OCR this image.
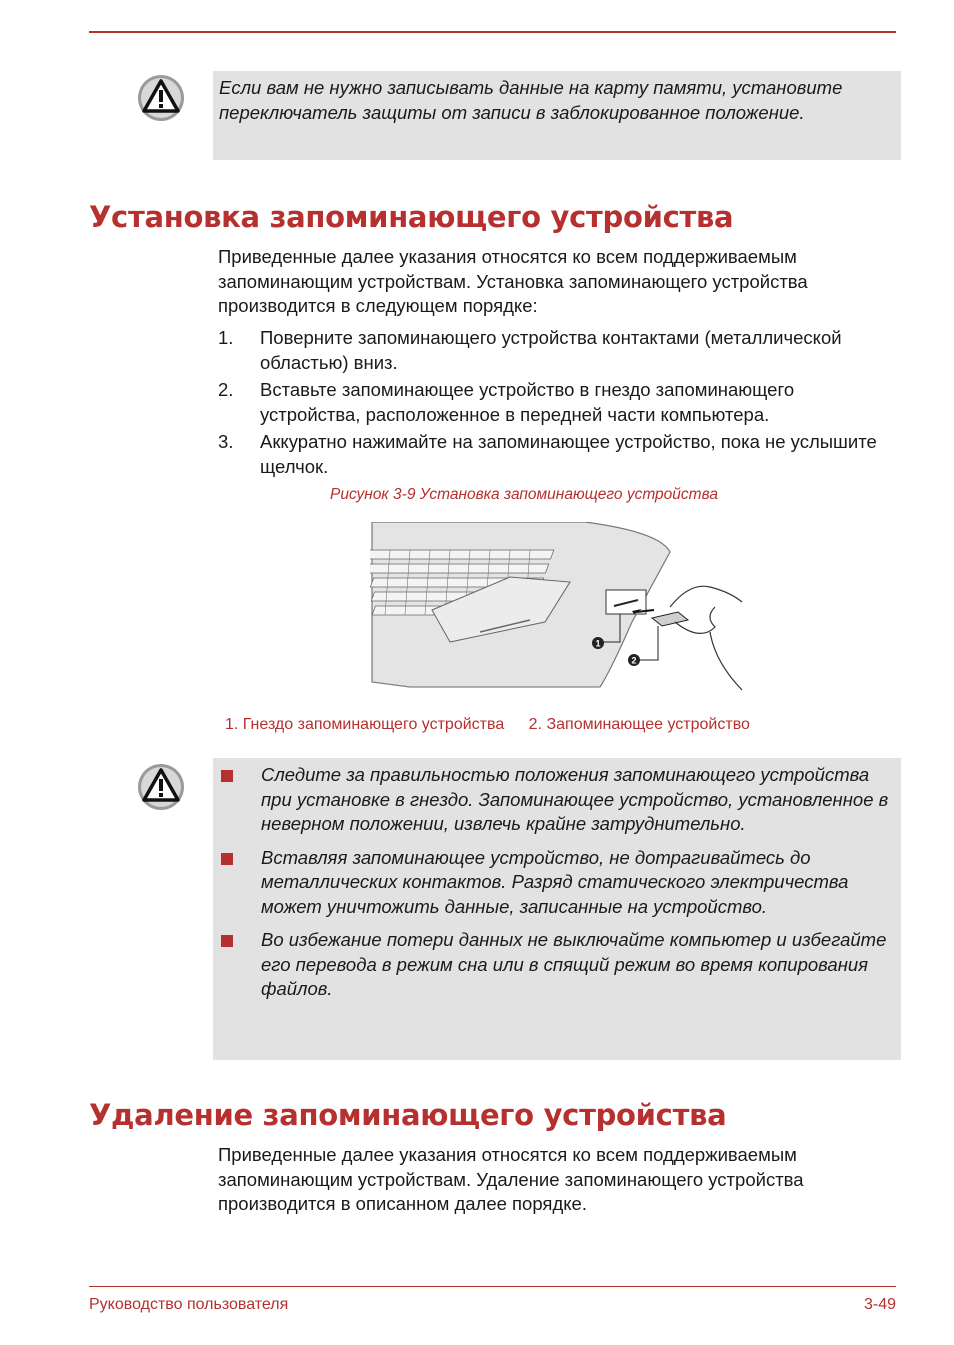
Если вам не нужно записывать данные на карту памяти, установите переключатель защиты от записи в заблокированное положение.
Установка запоминающего устройства

Приведенные далее указания относятся ко всем поддерживаемым запоминающим устройствам. Установка запоминающего устройства производится в следующем порядке:

1. Поверните запоминающего устройства контактами (металлической областью) вниз.
2. Вставьте запоминающее устройство в гнездо запоминающего устройства, расположенное в передней части компьютера.
3. Аккуратно нажимайте на запоминающее устройство, пока не услышите щелчок.
Рисунок 3-9 Установка запоминающего устройства
1
2
1. Гнездо запоминающего устройства 2. Запоминающее устройство
Следите за правильностью положения запоминающего устройства при установке в гнездо. Запоминающее устройство, установленное в неверном положении, извлечь крайне затруднительно.
Вставляя запоминающее устройство, не дотрагивайтесь до металлических контактов. Разряд статического электричества может уничтожить данные, записанные на устройство.
Во избежание потери данных не выключайте компьютер и избегайте его перевода в режим сна или в спящий режим во время копирования файлов.
Удаление запоминающего устройства

Приведенные далее указания относятся ко всем поддерживаемым запоминающим устройствам. Удаление запоминающего устройства производится в описанном далее порядке.

Руководство пользователя	3-49
